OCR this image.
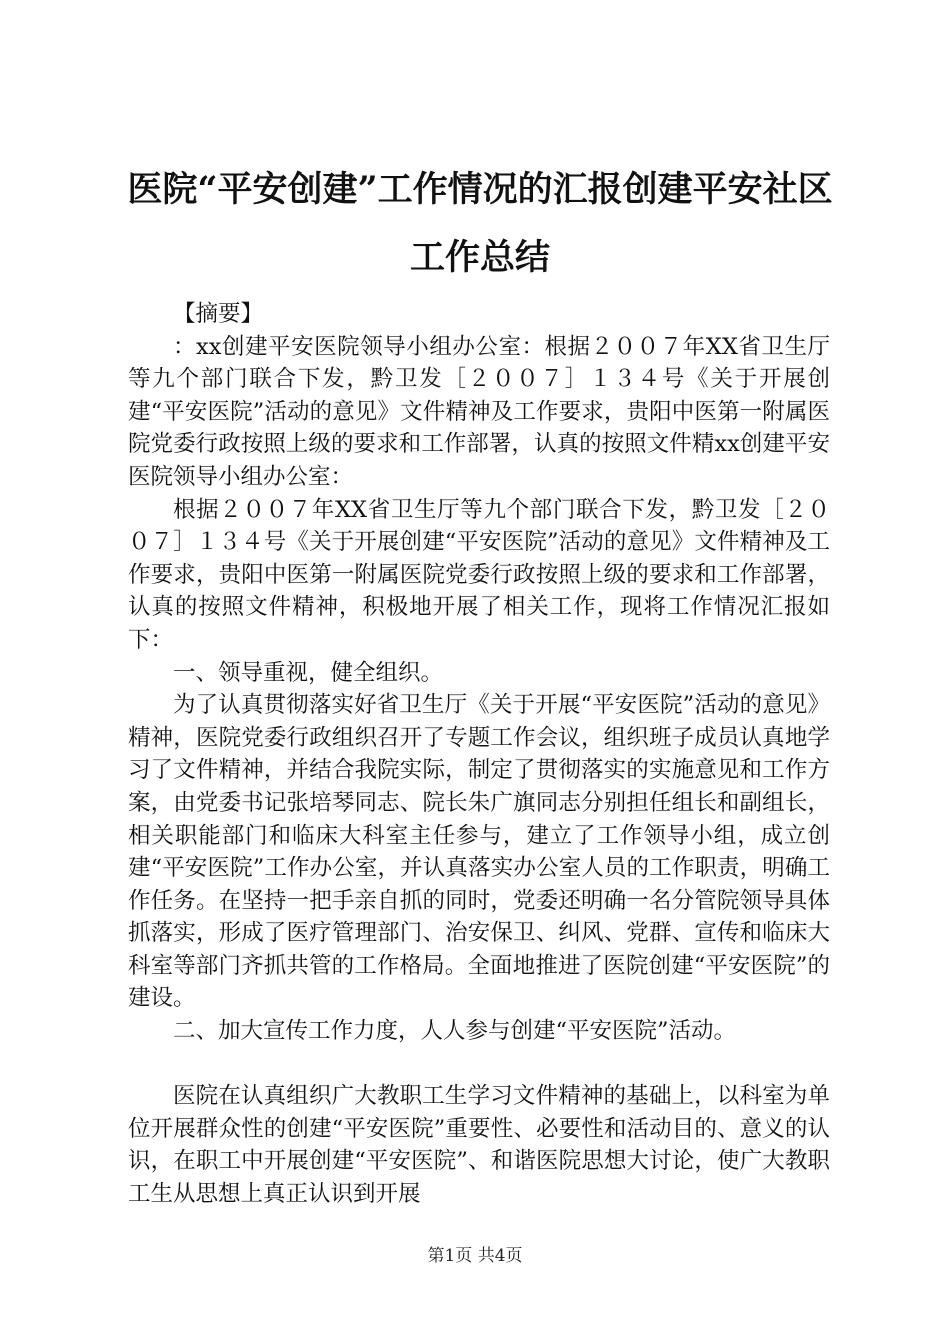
医院“平安创建”工作情况的汇报创建平安社区工作总结

【摘要】

：xx创建平安医院领导小组办公室：根据２００７年XX省卫生厅等九个部门联合下发，黔卫发［２００７］１３４号《关于开展创建“平安医院”活动的意见》文件精神及工作要求，贵阳中医第一附属医院党委行政按照上级的要求和工作部署，认真的按照文件精xx创建平安医院领导小组办公室：

根据２００７年XX省卫生厅等九个部门联合下发，黔卫发［２００７］１３４号《关于开展创建“平安医院”活动的意见》文件精神及工作要求，贵阳中医第一附属医院党委行政按照上级的要求和工作部署，认真的按照文件精神，积极地开展了相关工作，现将工作情况汇报如下：

一、领导重视，健全组织。

为了认真贯彻落实好省卫生厅《关于开展“平安医院”活动的意见》精神，医院党委行政组织召开了专题工作会议，组织班子成员认真地学习了文件精神，并结合我院实际，制定了贯彻落实的实施意见和工作方案，由党委书记张培琴同志、院长朱广旗同志分别担任组长和副组长，相关职能部门和临床大科室主任参与，建立了工作领导小组，成立创建“平安医院”工作办公室，并认真落实办公室人员的工作职责，明确工作任务。在坚持一把手亲自抓的同时，党委还明确一名分管院领导具体抓落实，形成了医疗管理部门、治安保卫、纠风、党群、宣传和临床大科室等部门齐抓共管的工作格局。全面地推进了医院创建“平安医院”的建设。

二、加大宣传工作力度，人人参与创建“平安医院”活动。

医院在认真组织广大教职工生学习文件精神的基础上，以科室为单位开展群众性的创建“平安医院”重要性、必要性和活动目的、意义的认识，在职工中开展创建“平安医院”、和谐医院思想大讨论，使广大教职工生从思想上真正认识到开展

第1页 共4页
